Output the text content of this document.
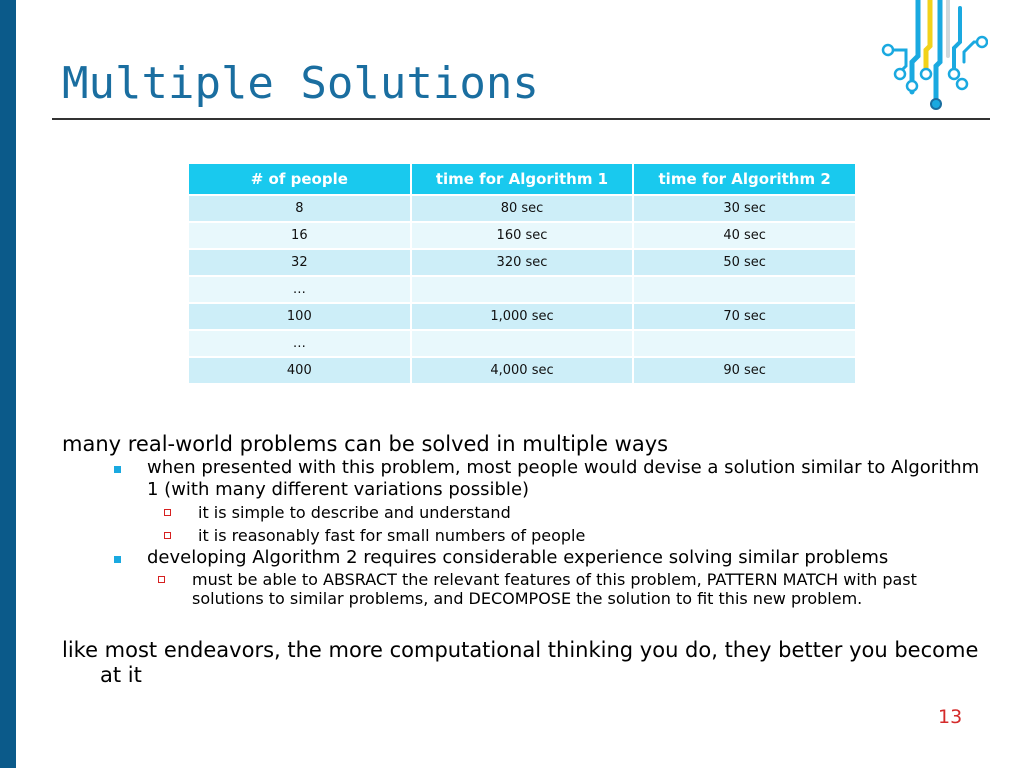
Multiple Solutions
# of people	time for Algorithm 1	time for Algorithm 2
8	80 sec	30 sec
16	160 sec	40 sec
32	320 sec	50 sec
…		
100	1,000 sec	70 sec
…		
400	4,000 sec	90 sec

many real-world problems can be solved in multiple ways

when presented with this problem, most people would devise a solution similar to Algorithm 1 (with many different variations possible)
it is simple to describe and understand
it is reasonably fast for small numbers of people
developing Algorithm 2 requires considerable experience solving similar problems
must be able to ABSRACT the relevant features of this problem, PATTERN MATCH with past solutions to similar problems, and DECOMPOSE the solution to fit this new problem.

like most endeavors, the more computational thinking you do, they better you become at it

13
